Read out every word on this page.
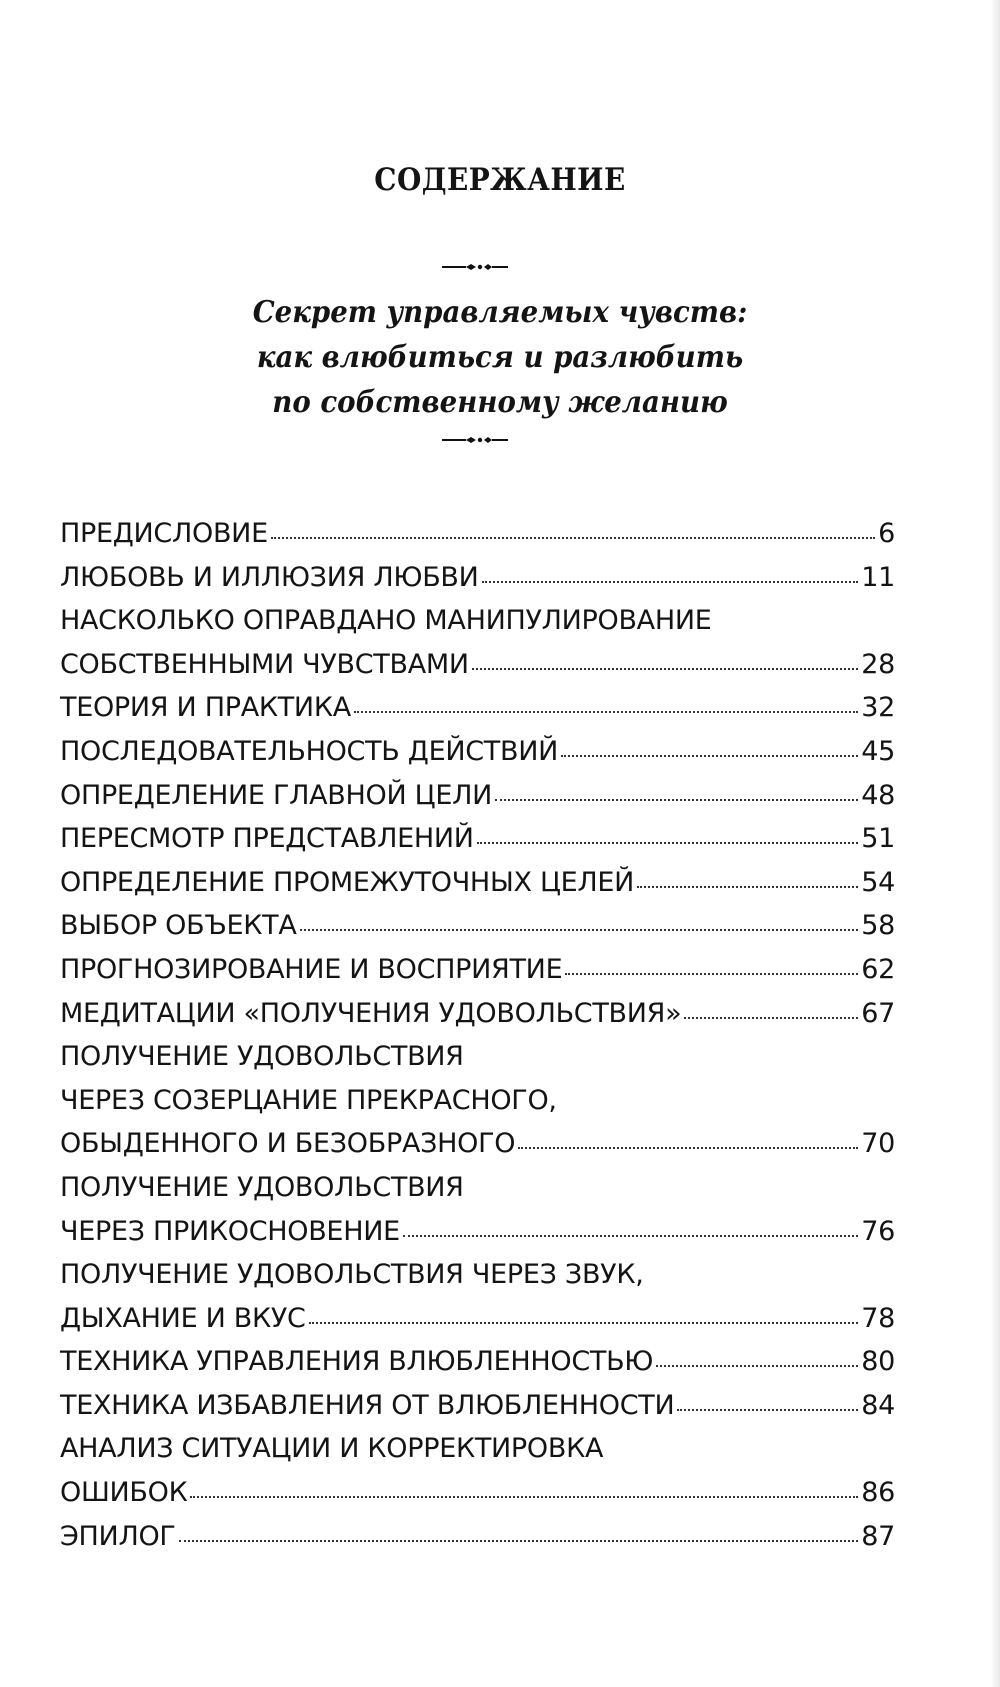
СОДЕРЖАНИЕ
Секрет управляемых чувств:
как влюбиться и разлюбить
по собственному желанию
ПРЕДИСЛОВИЕ	6
ЛЮБОВЬ И ИЛЛЮЗИЯ ЛЮБВИ	11
НАСКОЛЬКО ОПРАВДАНО МАНИПУЛИРОВАНИЕ
СОБСТВЕННЫМИ ЧУВСТВАМИ	28
ТЕОРИЯ И ПРАКТИКА	32
ПОСЛЕДОВАТЕЛЬНОСТЬ ДЕЙСТВИЙ	45
ОПРЕДЕЛЕНИЕ ГЛАВНОЙ ЦЕЛИ	48
ПЕРЕСМОТР ПРЕДСТАВЛЕНИЙ	51
ОПРЕДЕЛЕНИЕ ПРОМЕЖУТОЧНЫХ ЦЕЛЕЙ	54
ВЫБОР ОБЪЕКТА	58
ПРОГНОЗИРОВАНИЕ И ВОСПРИЯТИЕ	62
МЕДИТАЦИИ «ПОЛУЧЕНИЯ УДОВОЛЬСТВИЯ»	67
ПОЛУЧЕНИЕ УДОВОЛЬСТВИЯ
ЧЕРЕЗ СОЗЕРЦАНИЕ ПРЕКРАСНОГО,
ОБЫДЕННОГО И БЕЗОБРАЗНОГО	70
ПОЛУЧЕНИЕ УДОВОЛЬСТВИЯ
ЧЕРЕЗ ПРИКОСНОВЕНИЕ	76
ПОЛУЧЕНИЕ УДОВОЛЬСТВИЯ ЧЕРЕЗ ЗВУК,
ДЫХАНИЕ И ВКУС	78
ТЕХНИКА УПРАВЛЕНИЯ ВЛЮБЛЕННОСТЬЮ	80
ТЕХНИКА ИЗБАВЛЕНИЯ ОТ ВЛЮБЛЕННОСТИ	84
АНАЛИЗ СИТУАЦИИ И КОРРЕКТИРОВКА
ОШИБОК	86
ЭПИЛОГ	87
